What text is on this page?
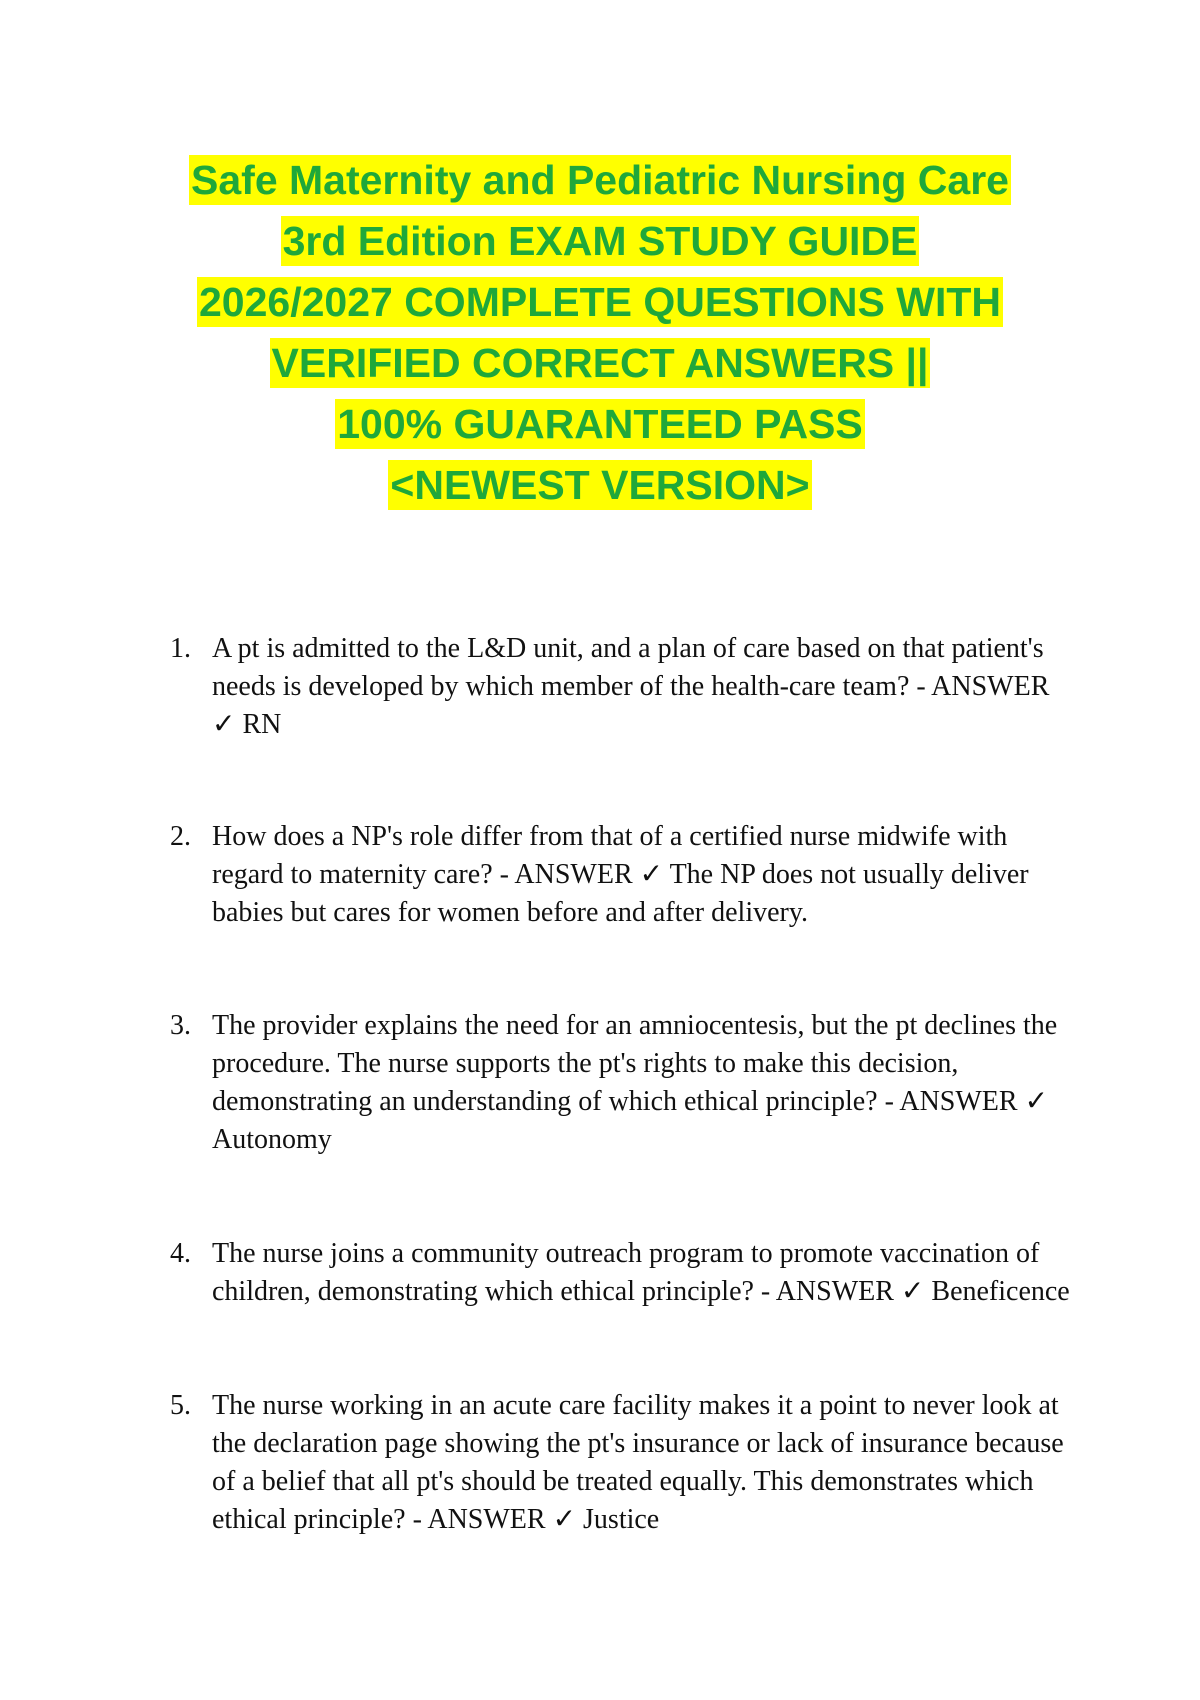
Safe Maternity and Pediatric Nursing Care
3rd Edition EXAM STUDY GUIDE
2026/2027 COMPLETE QUESTIONS WITH
VERIFIED CORRECT ANSWERS ||
100% GUARANTEED PASS
<NEWEST VERSION>
1. A pt is admitted to the L&D unit, and a plan of care based on that patient's needs is developed by which member of the health-care team? - ANSWER ✓ RN
2. How does a NP's role differ from that of a certified nurse midwife with regard to maternity care? - ANSWER ✓ The NP does not usually deliver babies but cares for women before and after delivery.
3. The provider explains the need for an amniocentesis, but the pt declines the procedure. The nurse supports the pt's rights to make this decision, demonstrating an understanding of which ethical principle? - ANSWER ✓ Autonomy
4. The nurse joins a community outreach program to promote vaccination of children, demonstrating which ethical principle? - ANSWER ✓ Beneficence
5. The nurse working in an acute care facility makes it a point to never look at the declaration page showing the pt's insurance or lack of insurance because of a belief that all pt's should be treated equally. This demonstrates which ethical principle? - ANSWER ✓ Justice
